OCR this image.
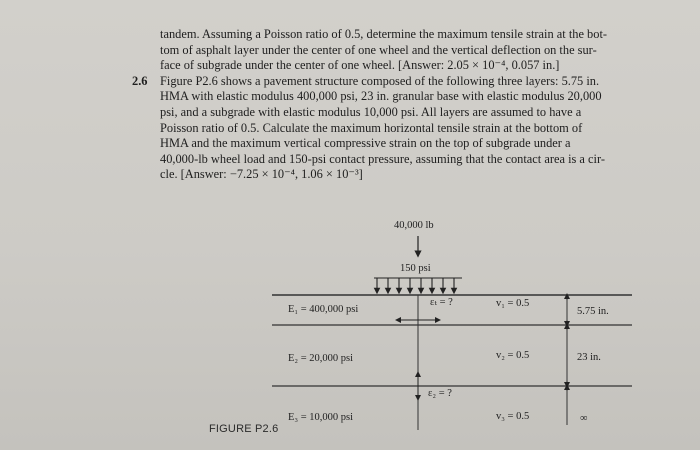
tandem. Assuming a Poisson ratio of 0.5, determine the maximum tensile strain at the bot-
tom of asphalt layer under the center of one wheel and the vertical deflection on the sur-
face of subgrade under the center of one wheel. [Answer: 2.05 × 10⁻⁴, 0.057 in.]
2.6	Figure P2.6 shows a pavement structure composed of the following three layers: 5.75 in.
HMA with elastic modulus 400,000 psi, 23 in. granular base with elastic modulus 20,000
psi, and a subgrade with elastic modulus 10,000 psi. All layers are assumed to have a
Poisson ratio of 0.5. Calculate the maximum horizontal tensile strain at the bottom of
HMA and the maximum vertical compressive strain on the top of subgrade under a
40,000-lb wheel load and 150-psi contact pressure, assuming that the contact area is a cir-
cle. [Answer: −7.25 × 10⁻⁴, 1.06 × 10⁻³]
40,000 lb
150 psi
εₜ = ?
ε₂ = ?
E₁ = 400,000 psi
E₂ = 20,000 psi
E₃ = 10,000 psi
v₁ = 0.5
v₂ = 0.5
v₃ = 0.5
5.75 in.
23 in.
∞
FIGURE P2.6
